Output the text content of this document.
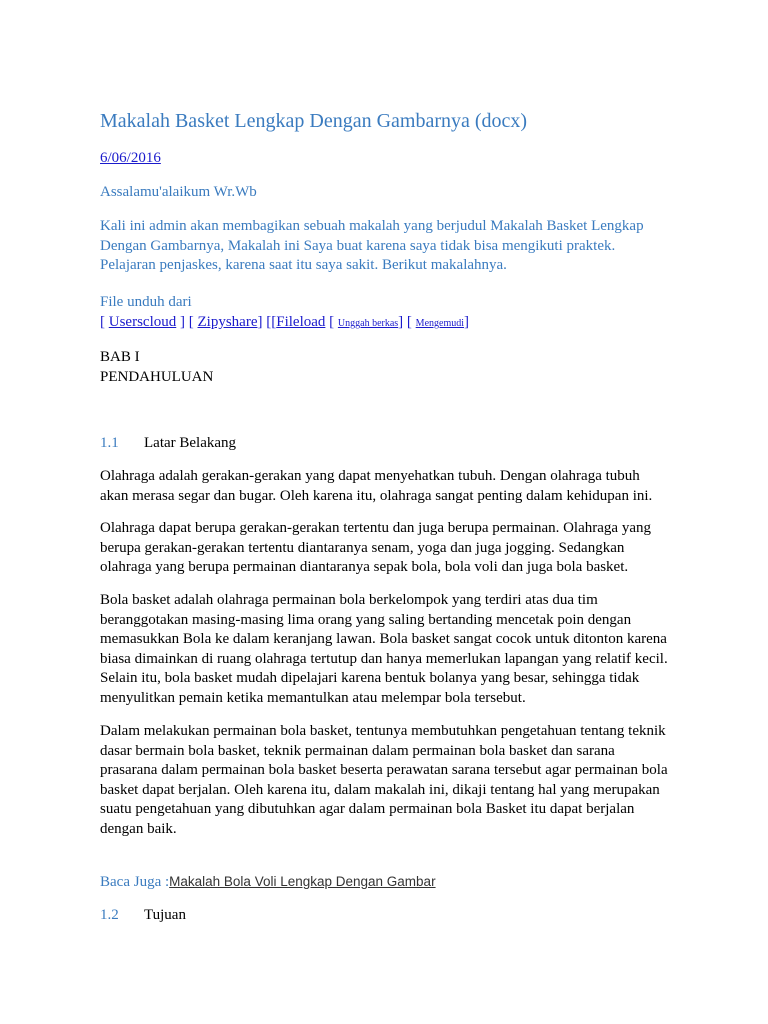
Makalah Basket Lengkap Dengan Gambarnya (docx)
6/06/2016

Assalamu'alaikum Wr.Wb

Kali ini admin akan membagikan sebuah makalah yang berjudul Makalah Basket Lengkap Dengan Gambarnya, Makalah ini Saya buat karena saya tidak bisa mengikuti praktek. Pelajaran penjaskes, karena saat itu saya sakit. Berikut makalahnya.

File unduh dari

[ Userscloud ] [ Zipyshare] [[Fileload [ Unggah berkas] [ Mengemudi]
BAB I
PENDAHULUAN
1.1 Latar Belakang

Olahraga adalah gerakan-gerakan yang dapat menyehatkan tubuh. Dengan olahraga tubuh akan merasa segar dan bugar. Oleh karena itu, olahraga sangat penting dalam kehidupan ini.

Olahraga dapat berupa gerakan-gerakan tertentu dan juga berupa permainan. Olahraga yang berupa gerakan-gerakan tertentu diantaranya senam, yoga dan juga jogging. Sedangkan olahraga yang berupa permainan diantaranya sepak bola, bola voli dan juga bola basket.

Bola basket adalah olahraga permainan bola berkelompok yang terdiri atas dua tim beranggotakan masing-masing lima orang yang saling bertanding mencetak poin dengan memasukkan Bola ke dalam keranjang lawan. Bola basket sangat cocok untuk ditonton karena biasa dimainkan di ruang olahraga tertutup dan hanya memerlukan lapangan yang relatif kecil. Selain itu, bola basket mudah dipelajari karena bentuk bolanya yang besar, sehingga tidak menyulitkan pemain ketika memantulkan atau melempar bola tersebut.

Dalam melakukan permainan bola basket, tentunya membutuhkan pengetahuan tentang teknik dasar bermain bola basket, teknik permainan dalam permainan bola basket dan sarana prasarana dalam permainan bola basket beserta perawatan sarana tersebut agar permainan bola basket dapat berjalan. Oleh karena itu, dalam makalah ini, dikaji tentang hal yang merupakan suatu pengetahuan yang dibutuhkan agar dalam permainan bola Basket itu dapat berjalan dengan baik.

Baca Juga :Makalah Bola Voli Lengkap Dengan Gambar
1.2 Tujuan
